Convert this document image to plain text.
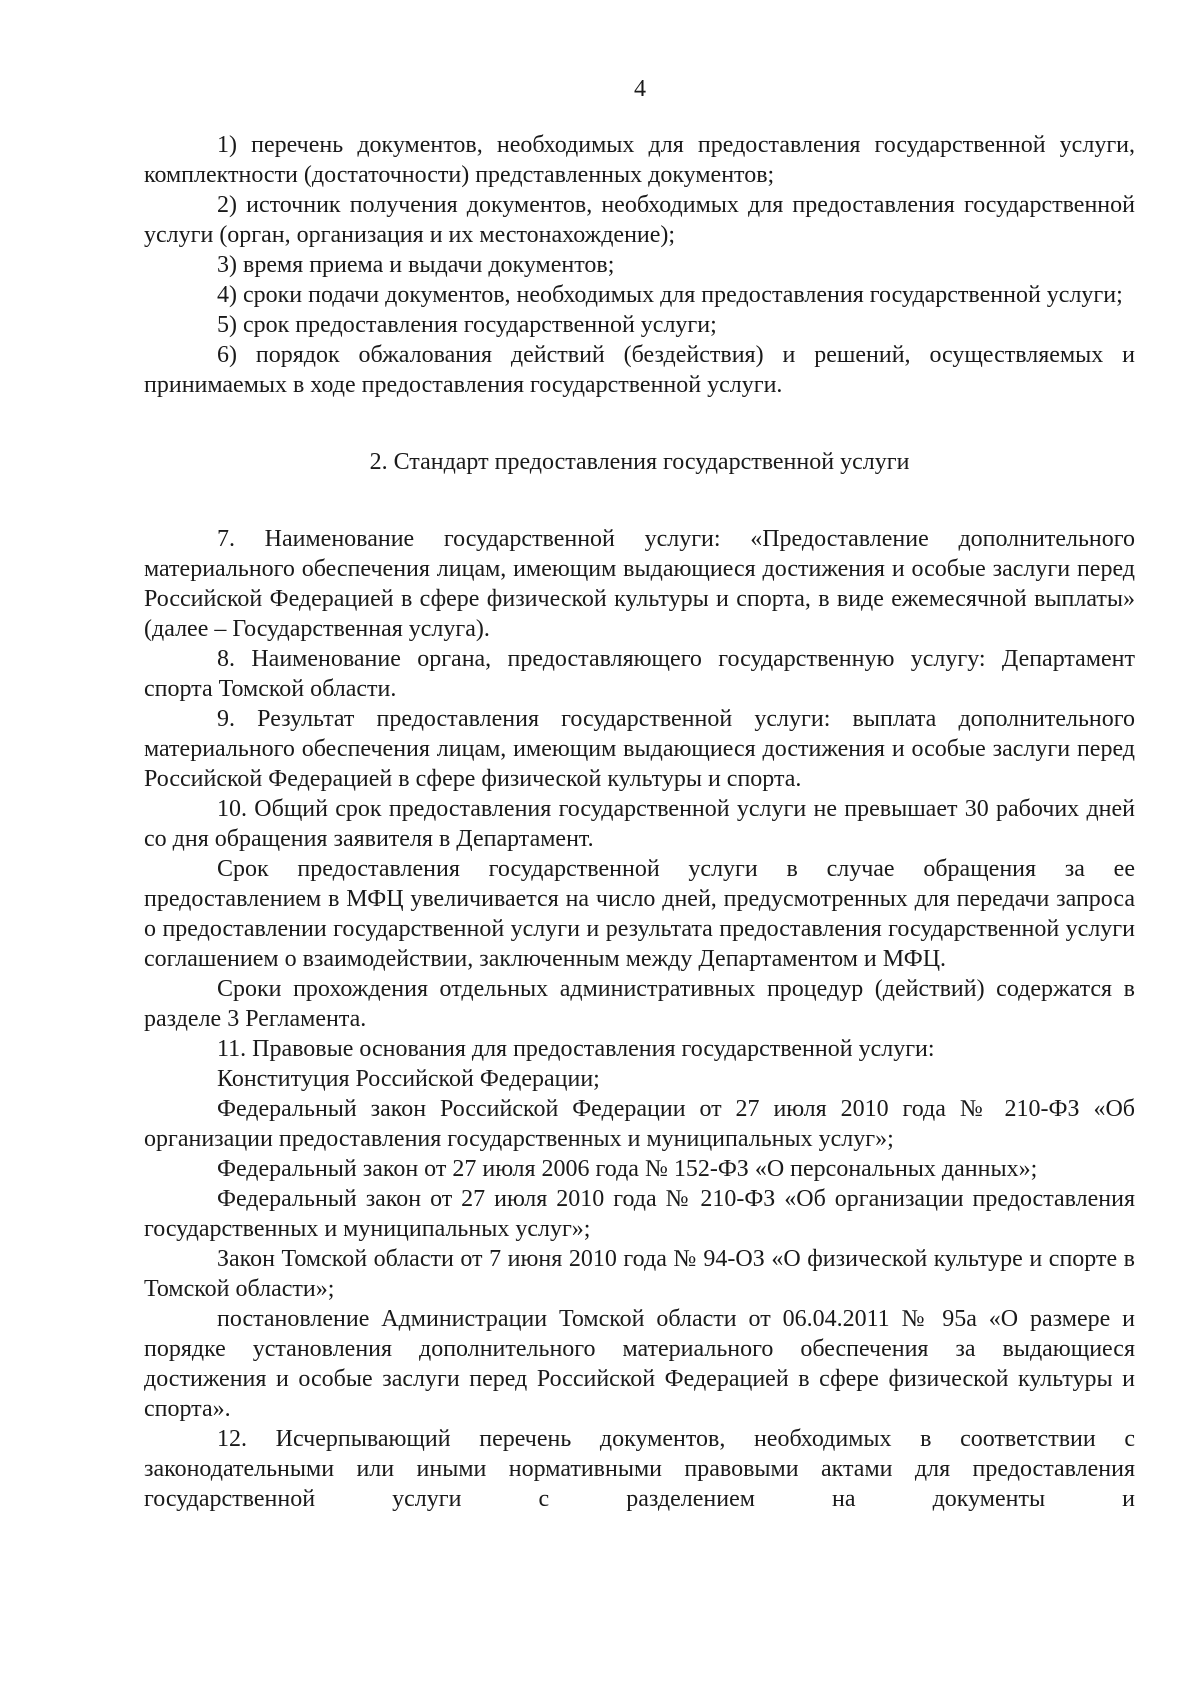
4

1) перечень документов, необходимых для предоставления государственной услуги, комплектности (достаточности) представленных документов;

2) источник получения документов, необходимых для предоставления государственной услуги (орган, организация и их местонахождение);

3) время приема и выдачи документов;

4) сроки подачи документов, необходимых для предоставления государственной услуги;

5) срок предоставления государственной услуги;

6) порядок обжалования действий (бездействия) и решений, осуществляемых и принимаемых в ходе предоставления государственной услуги.

2. Стандарт предоставления государственной услуги

7. Наименование государственной услуги: «Предоставление дополнительного материального обеспечения лицам, имеющим выдающиеся достижения и особые заслуги перед Российской Федерацией в сфере физической культуры и спорта, в виде ежемесячной выплаты» (далее – Государственная услуга).

8. Наименование органа, предоставляющего государственную услугу: Департамент спорта Томской области.

9. Результат предоставления государственной услуги: выплата дополнительного материального обеспечения лицам, имеющим выдающиеся достижения и особые заслуги перед Российской Федерацией в сфере физической культуры и спорта.

10. Общий срок предоставления государственной услуги не превышает 30 рабочих дней со дня обращения заявителя в Департамент.

Срок предоставления государственной услуги в случае обращения за ее предоставлением в МФЦ увеличивается на число дней, предусмотренных для передачи запроса о предоставлении государственной услуги и результата предоставления государственной услуги соглашением о взаимодействии, заключенным между Департаментом и МФЦ.

Сроки прохождения отдельных административных процедур (действий) содержатся в разделе 3 Регламента.

11. Правовые основания для предоставления государственной услуги:

Конституция Российской Федерации;

Федеральный закон Российской Федерации от 27 июля 2010 года № 210-ФЗ «Об организации предоставления государственных и муниципальных услуг»;

Федеральный закон от 27 июля 2006 года № 152-ФЗ «О персональных данных»;

Федеральный закон от 27 июля 2010 года № 210-ФЗ «Об организации предоставления государственных и муниципальных услуг»;

Закон Томской области от 7 июня 2010 года № 94-ОЗ «О физической культуре и спорте в Томской области»;

постановление Администрации Томской области от 06.04.2011 № 95а «О размере и порядке установления дополнительного материального обеспечения за выдающиеся достижения и особые заслуги перед Российской Федерацией в сфере физической культуры и спорта».

12. Исчерпывающий перечень документов, необходимых в соответствии с законодательными или иными нормативными правовыми актами для предоставления государственной услуги с разделением на документы и
